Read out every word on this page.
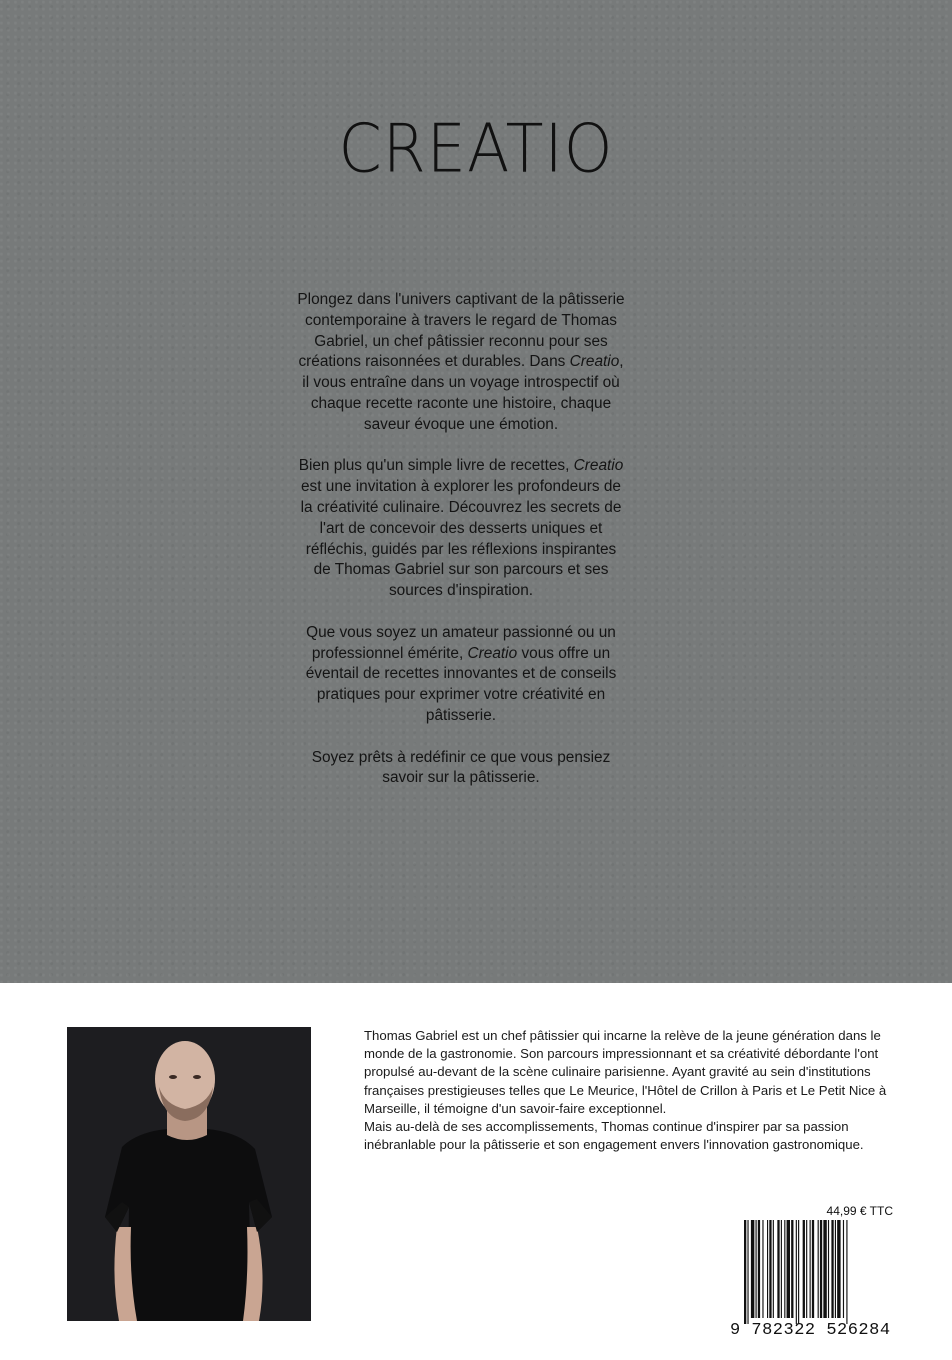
CREATIO

Plongez dans l'univers captivant de la pâtisserie contemporaine à travers le regard de Thomas Gabriel, un chef pâtissier reconnu pour ses créations raisonnées et durables. Dans Creatio, il vous entraîne dans un voyage introspectif où chaque recette raconte une histoire, chaque saveur évoque une émotion.

Bien plus qu'un simple livre de recettes, Creatio est une invitation à explorer les profondeurs de la créativité culinaire. Découvrez les secrets de l'art de concevoir des desserts uniques et réfléchis, guidés par les réflexions inspirantes de Thomas Gabriel sur son parcours et ses sources d'inspiration.

Que vous soyez un amateur passionné ou un professionnel émérite, Creatio vous offre un éventail de recettes innovantes et de conseils pratiques pour exprimer votre créativité en pâtisserie.

Soyez prêts à redéfinir ce que vous pensiez savoir sur la pâtisserie.

Thomas Gabriel est un chef pâtissier qui incarne la relève de la jeune génération dans le monde de la gastronomie. Son parcours impressionnant et sa créativité débordante l'ont propulsé au-devant de la scène culinaire parisienne. Ayant gravité au sein d'institutions françaises prestigieuses telles que Le Meurice, l'Hôtel de Crillon à Paris et Le Petit Nice à Marseille, il témoigne d'un savoir-faire exceptionnel.
Mais au-delà de ses accomplissements, Thomas continue d'inspirer par sa passion inébranlable pour la pâtisserie et son engagement envers l'innovation gastronomique.
44,99 € TTC
9 782322 526284
